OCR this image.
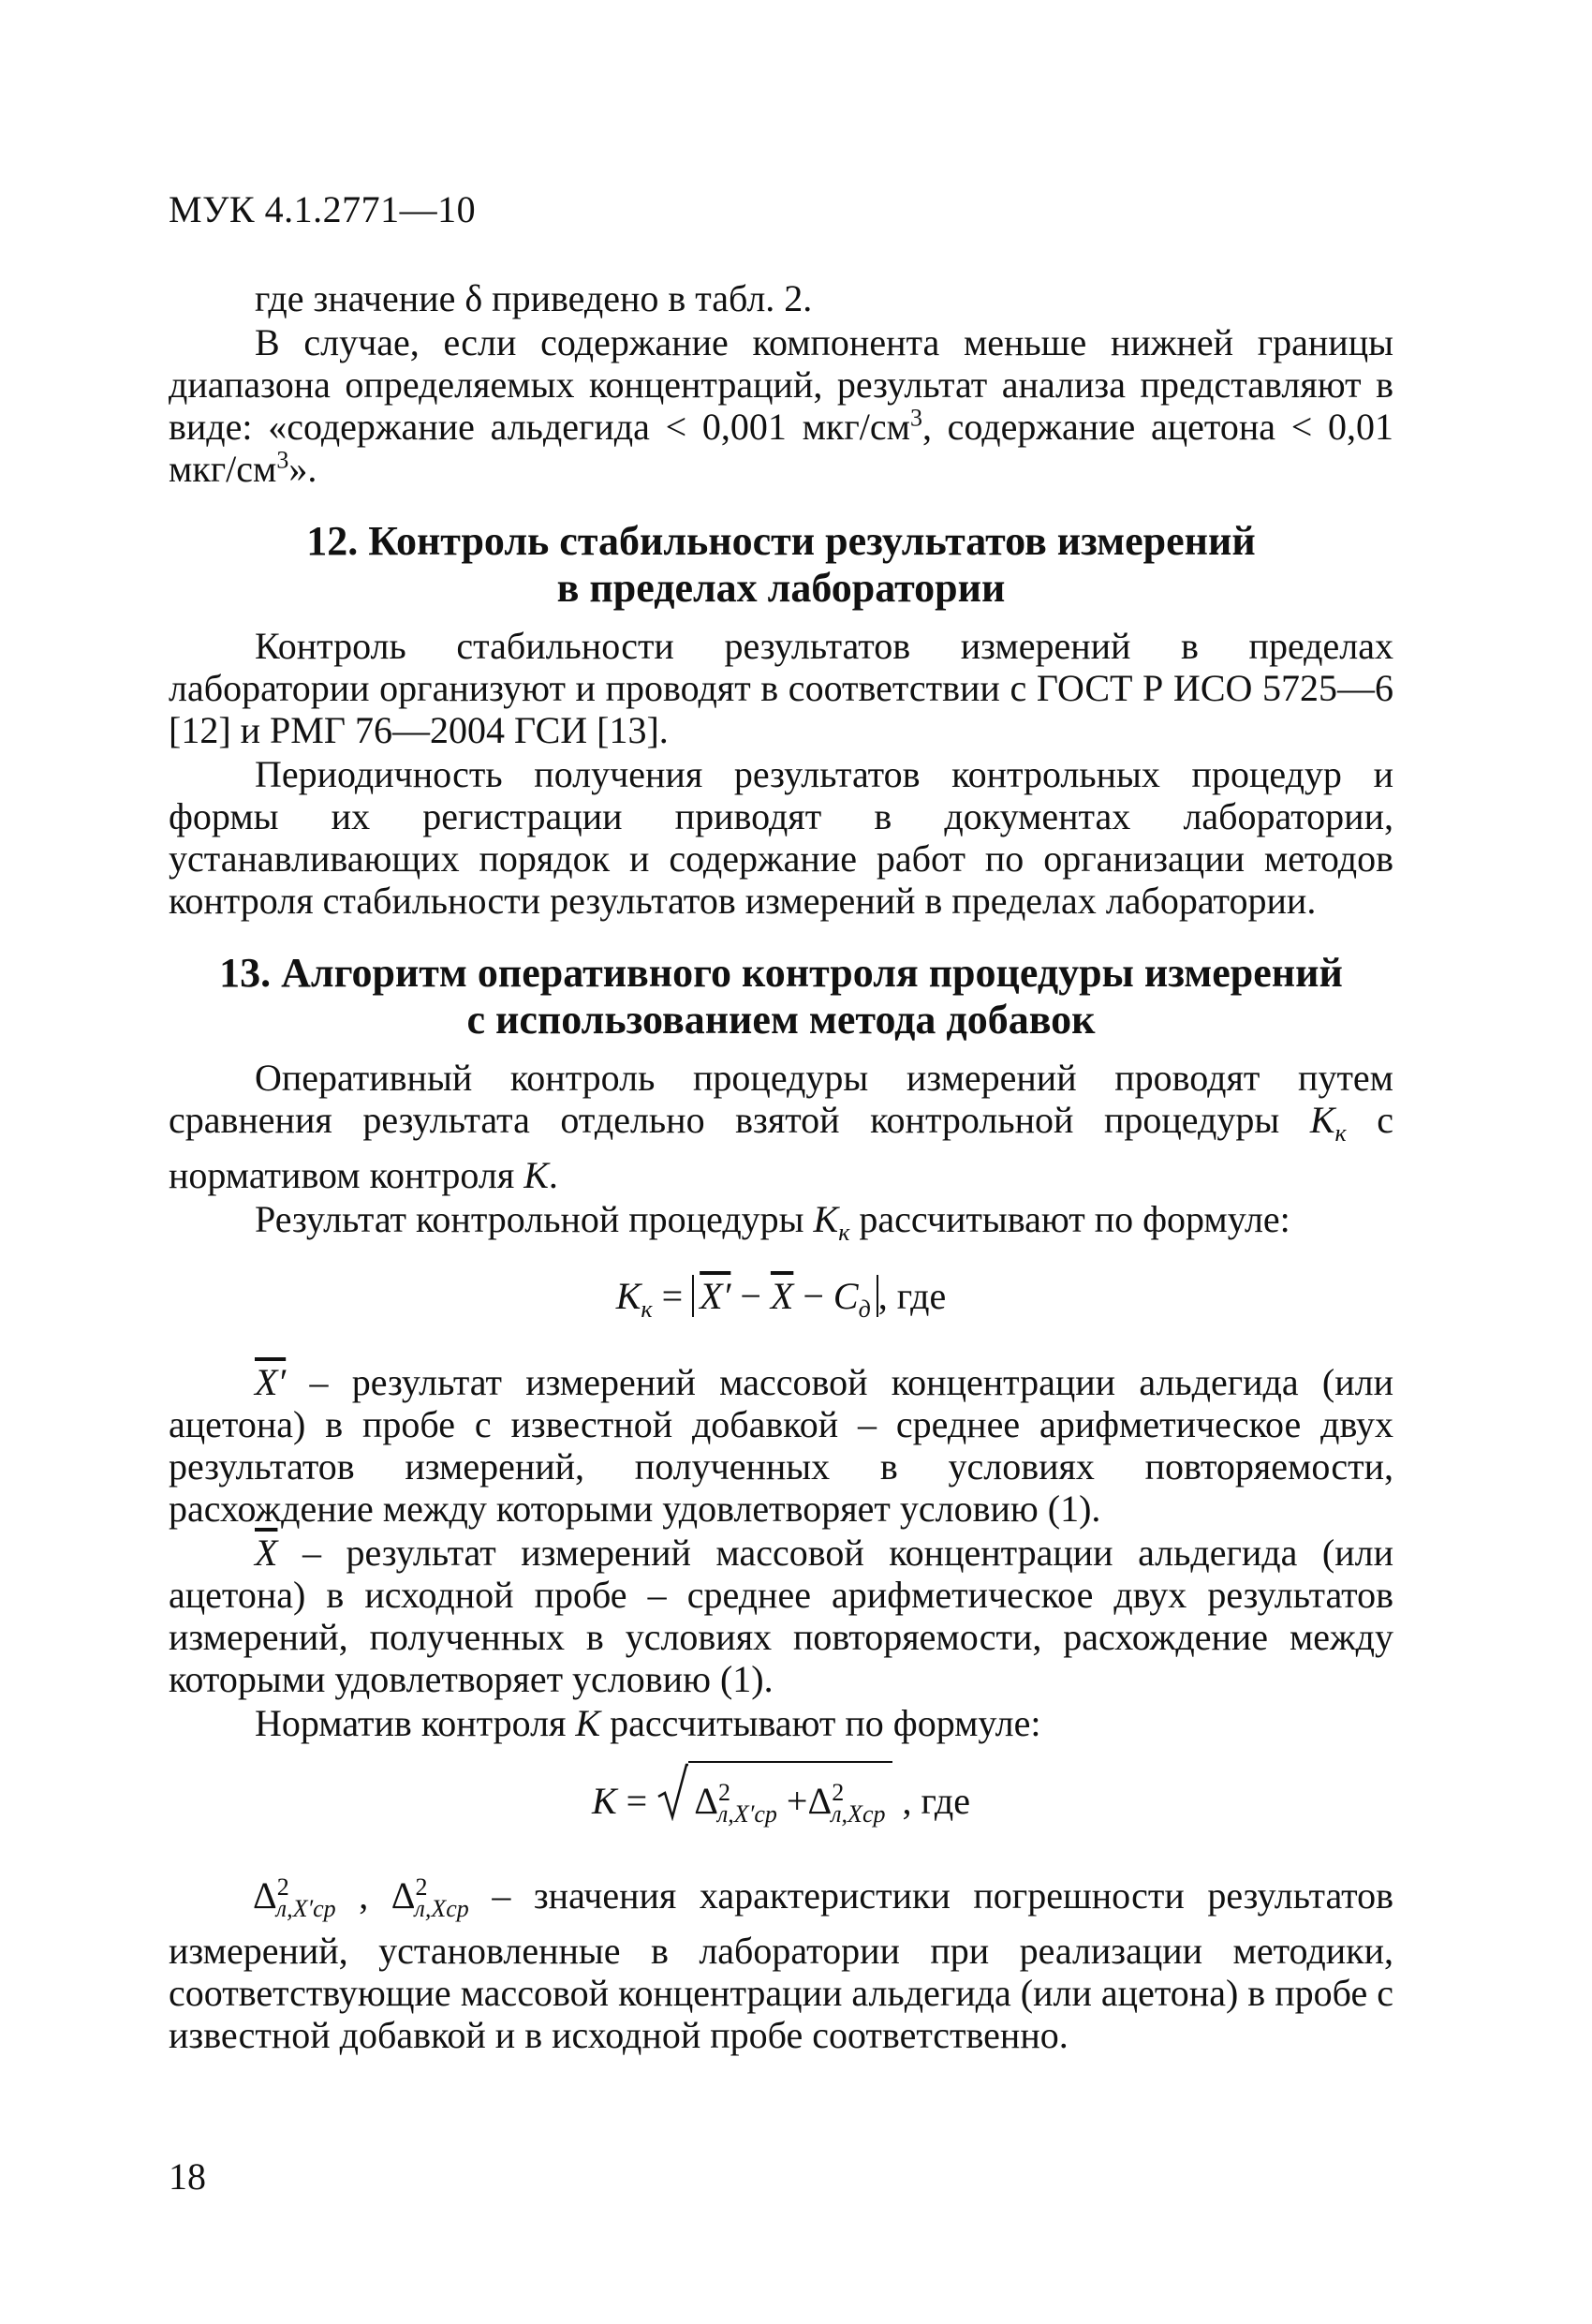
МУК 4.1.2771—10

где значение δ приведено в табл. 2.

В случае, если содержание компонента меньше нижней границы диапазона определяемых концентраций, результат анализа представляют в виде: «содержание альдегида < 0,001 мкг/$см^3$, содержание ацетона < 0,01 мкг/$см^3$».

12. Контроль стабильности результатов измерений
в пределах лаборатории

Контроль стабильности результатов измерений в пределах лаборатории организуют и проводят в соответствии с ГОСТ Р ИСО 5725—6 [12] и РМГ 76—2004 ГСИ [13].

Периодичность получения результатов контрольных процедур и формы их регистрации приводят в документах лаборатории, устанавливающих порядок и содержание работ по организации методов контроля стабильности результатов измерений в пределах лаборатории.

13. Алгоритм оперативного контроля процедуры измерений
с использованием метода добавок

Оперативный контроль процедуры измерений проводят путем сравнения результата отдельно взятой контрольной процедуры $K_к$ с нормативом контроля K.

Результат контрольной процедуры $K_к$ рассчитывают по формуле:

$K_к = X' - \overline{X} - C_д$ , где

X′ – результат измерений массовой концентрации альдегида (или ацетона) в пробе с известной добавкой – среднее арифметическое двух результатов измерений, полученных в условиях повторяемости, расхождение между которыми удовлетворяет условию (1).

$\overline{X}$ – результат измерений массовой концентрации альдегида (или ацетона) в исходной пробе – среднее арифметическое двух результатов измерений, полученных в условиях повторяемости, расхождение между которыми удовлетворяет условию (1).

Норматив контроля K рассчитывают по формуле:

K =
$\Delta^2_{л,X'ср} +\Delta^2_{л,Xср}$ , где

$\Delta^2_{л,X'ср}$ , $\Delta^2_{л,Xср}$ – значения характеристики погрешности результатов измерений, установленные в лаборатории при реализации методики, соответствующие массовой концентрации альдегида (или ацетона) в пробе с известной добавкой и в исходной пробе соответственно.

18
